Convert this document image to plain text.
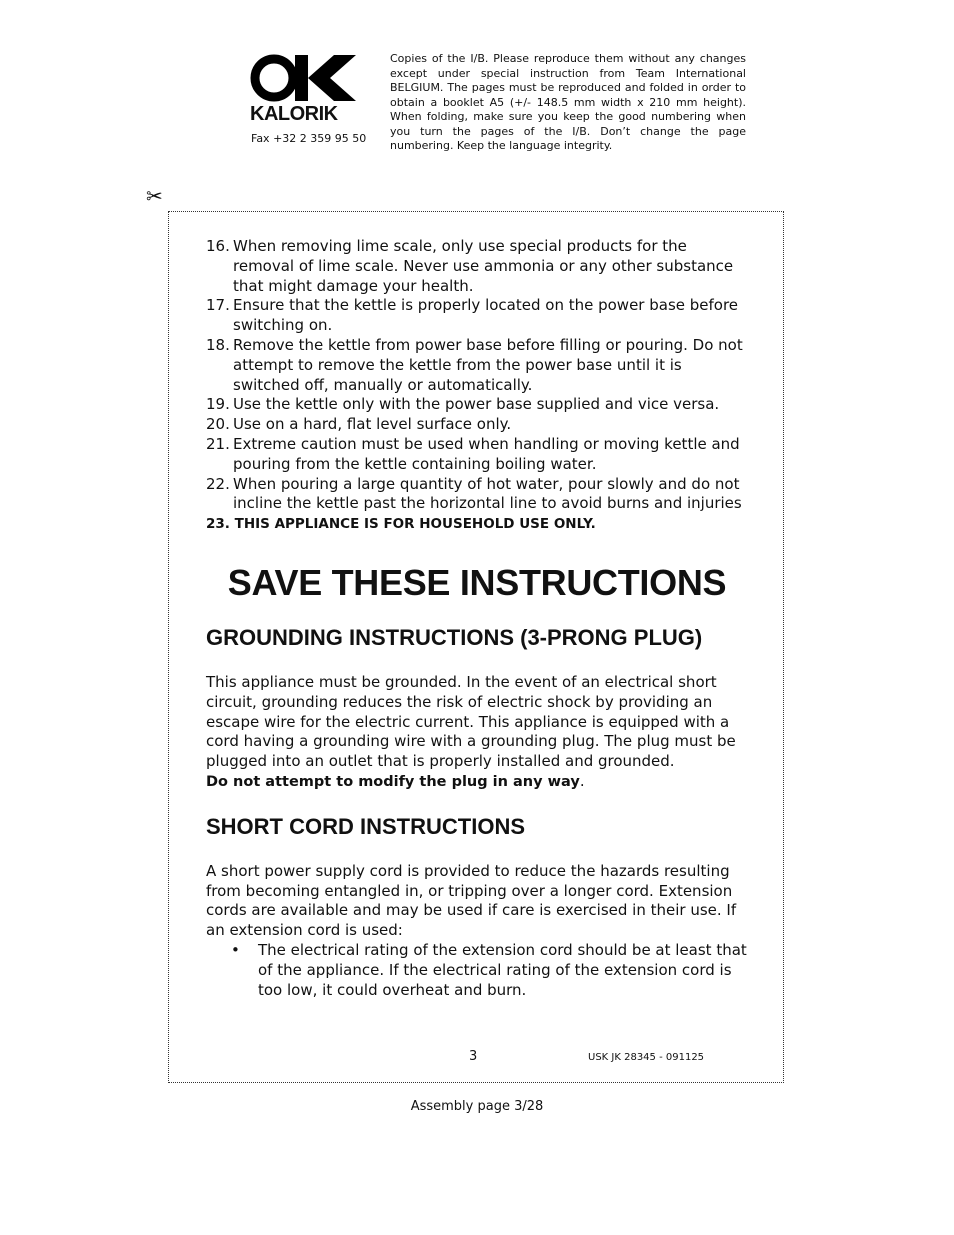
KALORIK
Fax +32 2 359 95 50
Copies of the I/B. Please reproduce them without any changes except under special instruction from Team International BELGIUM. The pages must be reproduced and folded in order to obtain a booklet A5 (+/- 148.5 mm width x 210 mm height). When folding, make sure you keep the good numbering when you turn the pages of the I/B. Don’t change the page numbering. Keep the language integrity.
✂
16. When removing lime scale, only use special products for the removal of lime scale. Never use ammonia or any other substance that might damage your health.
17. Ensure that the kettle is properly located on the power base before switching on.
18. Remove the kettle from power base before filling or pouring. Do not attempt to remove the kettle from the power base until it is switched off, manually or automatically.
19. Use the kettle only with the power base supplied and vice versa.
20. Use on a hard, flat level surface only.
21. Extreme caution must be used when handling or moving kettle and pouring from the kettle containing boiling water.
22. When pouring a large quantity of hot water, pour slowly and do not incline the kettle past the horizontal line to avoid burns and injuries
23. THIS APPLIANCE IS FOR HOUSEHOLD USE ONLY.
SAVE THESE INSTRUCTIONS
GROUNDING INSTRUCTIONS (3-PRONG PLUG)

This appliance must be grounded. In the event of an electrical short circuit, grounding reduces the risk of electric shock by providing an escape wire for the electric current. This appliance is equipped with a cord having a grounding wire with a grounding plug. The plug must be plugged into an outlet that is properly installed and grounded.

Do not attempt to modify the plug in any way.
SHORT CORD INSTRUCTIONS

A short power supply cord is provided to reduce the hazards resulting from becoming entangled in, or tripping over a longer cord. Extension cords are available and may be used if care is exercised in their use. If an extension cord is used:

•	The electrical rating of the extension cord should be at least that of the appliance. If the electrical rating of the extension cord is too low, it could overheat and burn.
3	USK JK 28345 - 091125
Assembly page 3/28
